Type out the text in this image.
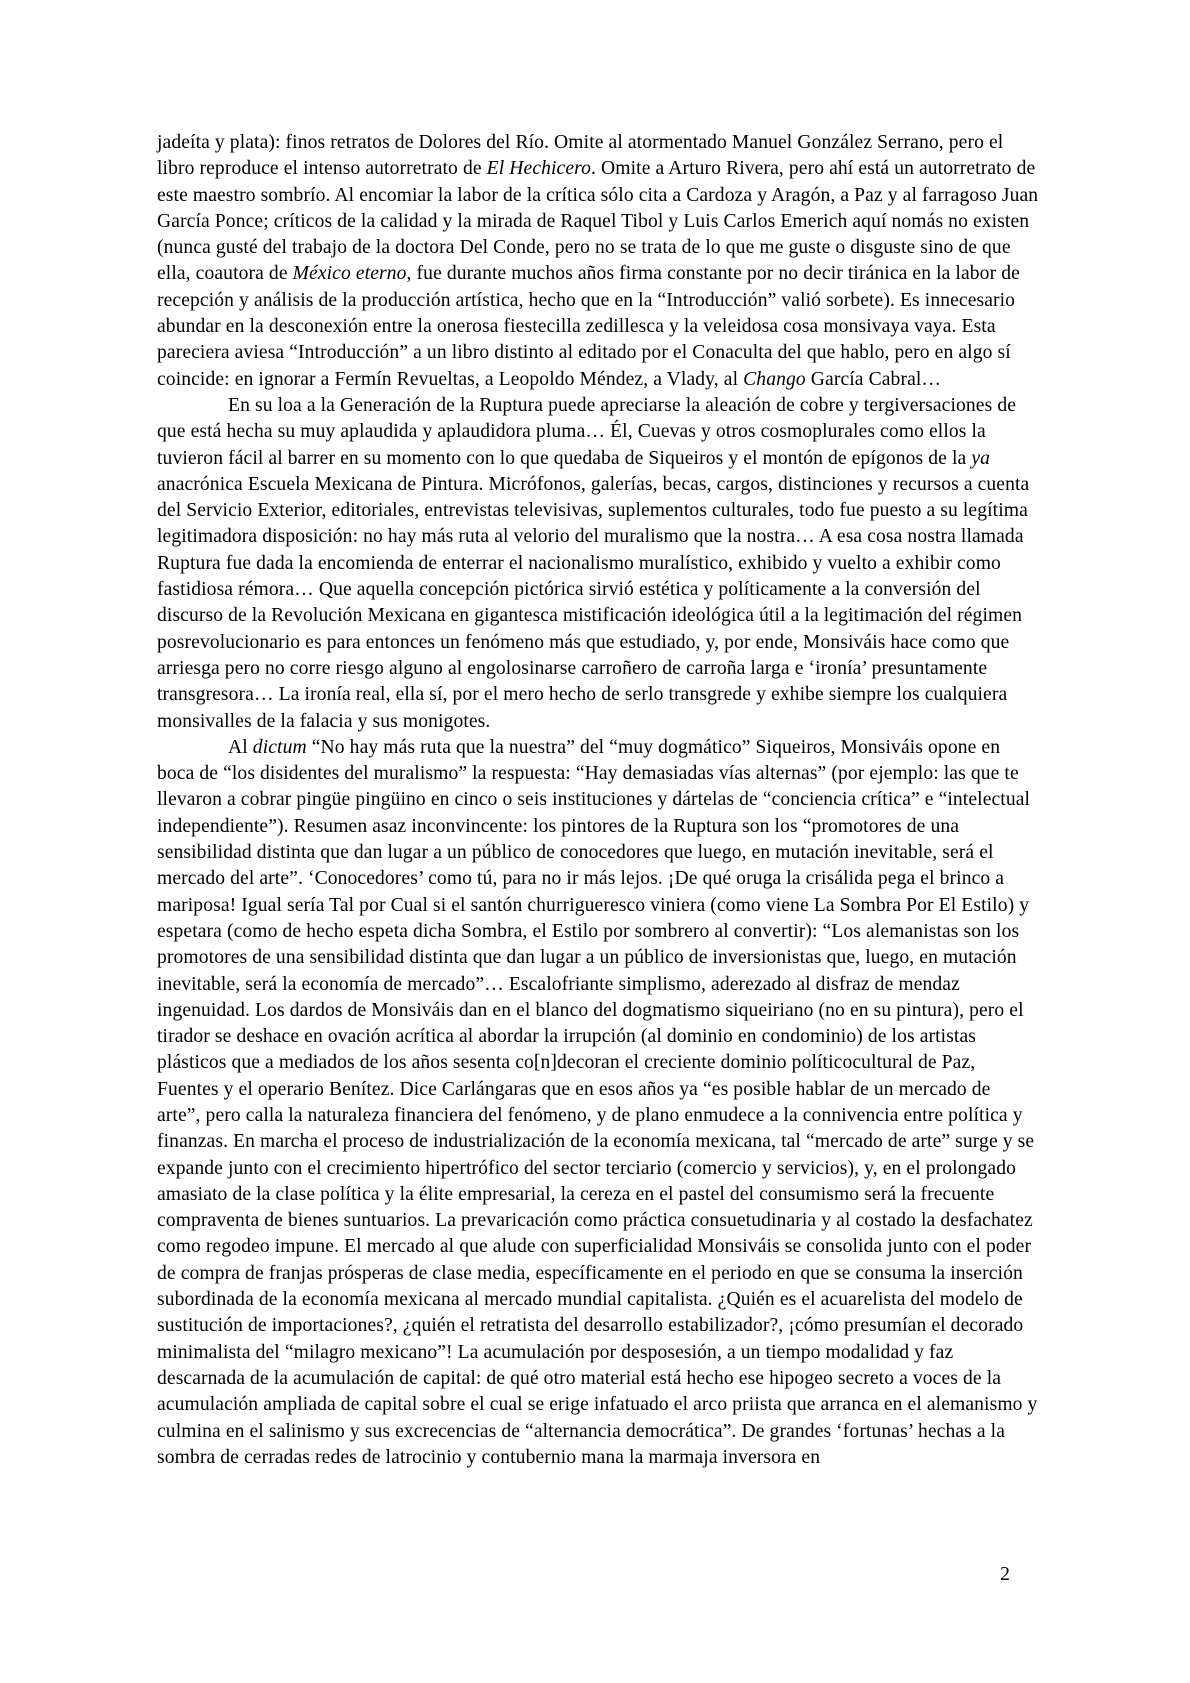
jadeíta y plata): finos retratos de Dolores del Río. Omite al atormentado Manuel González Serrano, pero el libro reproduce el intenso autorretrato de El Hechicero. Omite a Arturo Rivera, pero ahí está un autorretrato de este maestro sombrío. Al encomiar la labor de la crítica sólo cita a Cardoza y Aragón, a Paz y al farragoso Juan García Ponce; críticos de la calidad y la mirada de Raquel Tibol y Luis Carlos Emerich aquí nomás no existen (nunca gusté del trabajo de la doctora Del Conde, pero no se trata de lo que me guste o disguste sino de que ella, coautora de México eterno, fue durante muchos años firma constante por no decir tiránica en la labor de recepción y análisis de la producción artística, hecho que en la “Introducción” valió sorbete). Es innecesario abundar en la desconexión entre la onerosa fiestecilla zedillesca y la veleidosa cosa monsivaya vaya. Esta pareciera aviesa “Introducción” a un libro distinto al editado por el Conaculta del que hablo, pero en algo sí coincide: en ignorar a Fermín Revueltas, a Leopoldo Méndez, a Vlady, al Chango García Cabral…

En su loa a la Generación de la Ruptura puede apreciarse la aleación de cobre y tergiversaciones de que está hecha su muy aplaudida y aplaudidora pluma… Él, Cuevas y otros cosmoplurales como ellos la tuvieron fácil al barrer en su momento con lo que quedaba de Siqueiros y el montón de epígonos de la ya anacrónica Escuela Mexicana de Pintura. Micrófonos, galerías, becas, cargos, distinciones y recursos a cuenta del Servicio Exterior, editoriales, entrevistas televisivas, suplementos culturales, todo fue puesto a su legítima legitimadora disposición: no hay más ruta al velorio del muralismo que la nostra… A esa cosa nostra llamada Ruptura fue dada la encomienda de enterrar el nacionalismo muralístico, exhibido y vuelto a exhibir como fastidiosa rémora… Que aquella concepción pictórica sirvió estética y políticamente a la conversión del discurso de la Revolución Mexicana en gigantesca mistificación ideológica útil a la legitimación del régimen posrevolucionario es para entonces un fenómeno más que estudiado, y, por ende, Monsiváis hace como que arriesga pero no corre riesgo alguno al engolosinarse carroñero de carroña larga e ‘ironía’ presuntamente transgresora… La ironía real, ella sí, por el mero hecho de serlo transgrede y exhibe siempre los cualquiera monsivalles de la falacia y sus monigotes.

Al dictum “No hay más ruta que la nuestra” del “muy dogmático” Siqueiros, Monsiváis opone en boca de “los disidentes del muralismo” la respuesta: “Hay demasiadas vías alternas” (por ejemplo: las que te llevaron a cobrar pingüe pingüino en cinco o seis instituciones y dártelas de “conciencia crítica” e “intelectual independiente”). Resumen asaz inconvincente: los pintores de la Ruptura son los “promotores de una sensibilidad distinta que dan lugar a un público de conocedores que luego, en mutación inevitable, será el mercado del arte”. ‘Conocedores’ como tú, para no ir más lejos. ¡De qué oruga la crisálida pega el brinco a mariposa! Igual sería Tal por Cual si el santón churrigueresco viniera (como viene La Sombra Por El Estilo) y espetara (como de hecho espeta dicha Sombra, el Estilo por sombrero al convertir): “Los alemanistas son los promotores de una sensibilidad distinta que dan lugar a un público de inversionistas que, luego, en mutación inevitable, será la economía de mercado”… Escalofriante simplismo, aderezado al disfraz de mendaz ingenuidad. Los dardos de Monsiváis dan en el blanco del dogmatismo siqueiriano (no en su pintura), pero el tirador se deshace en ovación acrítica al abordar la irrupción (al dominio en condominio) de los artistas plásticos que a mediados de los años sesenta co[n]decoran el creciente dominio políticocultural de Paz, Fuentes y el operario Benítez. Dice Carlángaras que en esos años ya “es posible hablar de un mercado de arte”, pero calla la naturaleza financiera del fenómeno, y de plano enmudece a la connivencia entre política y finanzas. En marcha el proceso de industrialización de la economía mexicana, tal “mercado de arte” surge y se expande junto con el crecimiento hipertrófico del sector terciario (comercio y servicios), y, en el prolongado amasiato de la clase política y la élite empresarial, la cereza en el pastel del consumismo será la frecuente compraventa de bienes suntuarios. La prevaricación como práctica consuetudinaria y al costado la desfachatez como regodeo impune. El mercado al que alude con superficialidad Monsiváis se consolida junto con el poder de compra de franjas prósperas de clase media, específicamente en el periodo en que se consuma la inserción subordinada de la economía mexicana al mercado mundial capitalista. ¿Quién es el acuarelista del modelo de sustitución de importaciones?, ¿quién el retratista del desarrollo estabilizador?, ¡cómo presumían el decorado minimalista del “milagro mexicano”! La acumulación por desposesión, a un tiempo modalidad y faz descarnada de la acumulación de capital: de qué otro material está hecho ese hipogeo secreto a voces de la acumulación ampliada de capital sobre el cual se erige infatuado el arco priista que arranca en el alemanismo y culmina en el salinismo y sus excrecencias de “alternancia democrática”. De grandes ‘fortunas’ hechas a la sombra de cerradas redes de latrocinio y contubernio mana la marmaja inversora en

2
